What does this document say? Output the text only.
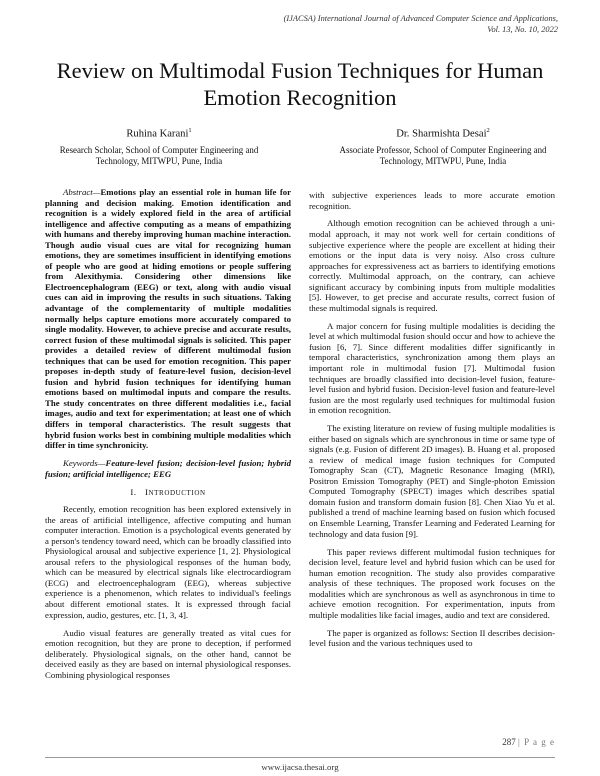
(IJACSA) International Journal of Advanced Computer Science and Applications,
Vol. 13, No. 10, 2022
Review on Multimodal Fusion Techniques for Human Emotion Recognition
Ruhina Karani$^1$
Research Scholar, School of Computer Engineering and
Technology, MITWPU, Pune, India
Dr. Sharmishta Desai$^2$
Associate Professor, School of Computer Engineering and
Technology, MITWPU, Pune, India

Abstract—Emotions play an essential role in human life for planning and decision making. Emotion identification and recognition is a widely explored field in the area of artificial intelligence and affective computing as a means of empathizing with humans and thereby improving human machine interaction. Though audio visual cues are vital for recognizing human emotions, they are sometimes insufficient in identifying emotions of people who are good at hiding emotions or people suffering from Alexithymia. Considering other dimensions like Electroencephalogram (EEG) or text, along with audio visual cues can aid in improving the results in such situations. Taking advantage of the complementarity of multiple modalities normally helps capture emotions more accurately compared to single modality. However, to achieve precise and accurate results, correct fusion of these multimodal signals is solicited. This paper provides a detailed review of different multimodal fusion techniques that can be used for emotion recognition. This paper proposes in-depth study of feature-level fusion, decision-level fusion and hybrid fusion techniques for identifying human emotions based on multimodal inputs and compare the results. The study concentrates on three different modalities i.e., facial images, audio and text for experimentation; at least one of which differs in temporal characteristics. The result suggests that hybrid fusion works best in combining multiple modalities which differ in time synchronicity.

Keywords—Feature-level fusion; decision-level fusion; hybrid fusion; artificial intelligence; EEG

I. INTRODUCTION

Recently, emotion recognition has been explored extensively in the areas of artificial intelligence, affective computing and human computer interaction. Emotion is a psychological events generated by a person's tendency toward need, which can be broadly classified into Physiological arousal and subjective experience [1, 2]. Physiological arousal refers to the physiological responses of the human body, which can be measured by electrical signals like electrocardiogram (ECG) and electroencephalogram (EEG), whereas subjective experience is a phenomenon, which relates to individual's feelings about different emotional states. It is expressed through facial expression, audio, gestures, etc. [1, 3, 4].

Audio visual features are generally treated as vital cues for emotion recognition, but they are prone to deception, if performed deliberately. Physiological signals, on the other hand, cannot be deceived easily as they are based on internal physiological responses. Combining physiological responses

with subjective experiences leads to more accurate emotion recognition.

Although emotion recognition can be achieved through a uni-modal approach, it may not work well for certain conditions of subjective experience where the people are excellent at hiding their emotions or the input data is very noisy. Also cross culture approaches for expressiveness act as barriers to identifying emotions correctly. Multimodal approach, on the contrary, can achieve significant accuracy by combining inputs from multiple modalities [5]. However, to get precise and accurate results, correct fusion of these multimodal signals is required.

A major concern for fusing multiple modalities is deciding the level at which multimodal fusion should occur and how to achieve the fusion [6, 7]. Since different modalities differ significantly in temporal characteristics, synchronization among them plays an important role in multimodal fusion [7]. Multimodal fusion techniques are broadly classified into decision-level fusion, feature-level fusion and hybrid fusion. Decision-level fusion and feature-level fusion are the most regularly used techniques for multimodal fusion in emotion recognition.

The existing literature on review of fusing multiple modalities is either based on signals which are synchronous in time or same type of signals (e.g. Fusion of different 2D images). B. Huang et al. proposed a review of medical image fusion techniques for Computed Tomography Scan (CT), Magnetic Resonance Imaging (MRI), Positron Emission Tomography (PET) and Single-photon Emission Computed Tomography (SPECT) images which describes spatial domain fusion and transform domain fusion [8]. Chen Xiao Yu et al. published a trend of machine learning based on fusion which focused on Ensemble Learning, Transfer Learning and Federated Learning for technology and data fusion [9].

This paper reviews different multimodal fusion techniques for decision level, feature level and hybrid fusion which can be used for human emotion recognition. The study also provides comparative analysis of these techniques. The proposed work focuses on the modalities which are synchronous as well as asynchronous in time to achieve emotion recognition. For experimentation, inputs from multiple modalities like facial images, audio and text are considered.

The paper is organized as follows: Section II describes decision-level fusion and the various techniques used to

287 | P a g e
www.ijacsa.thesai.org
